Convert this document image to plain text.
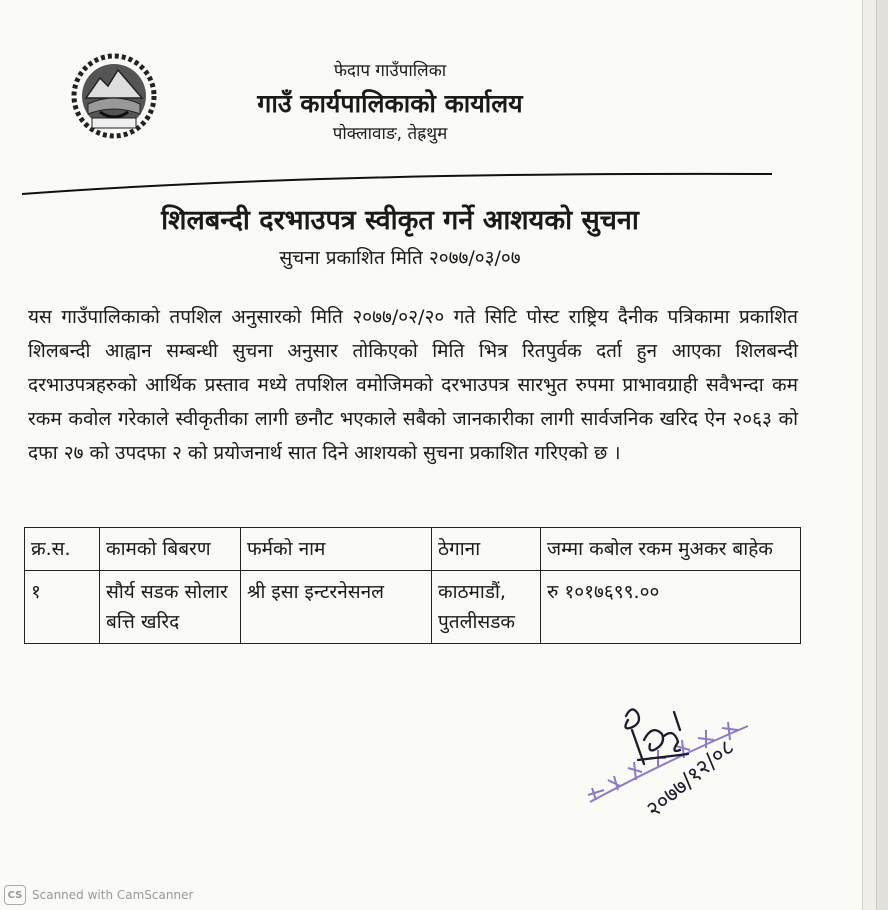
फेदाप गाउँपालिका
गाउँ कार्यपालिकाको कार्यालय
पोक्लावाङ, तेह्रथुम
शिलबन्दी दरभाउपत्र स्वीकृत गर्ने आशयको सुचना
सुचना प्रकाशित मिति २०७७/०३/०७
यस गाउँपालिकाको तपशिल अनुसारको मिति २०७७/०२/२० गते सिटि पोस्ट राष्ट्रिय दैनीक पत्रिकामा प्रकाशित शिलबन्दी आह्वान सम्बन्धी सुचना अनुसार तोकिएको मिति भित्र रितपुर्वक दर्ता हुन आएका शिलबन्दी दरभाउपत्रहरुको आर्थिक प्रस्ताव मध्ये तपशिल वमोजिमको दरभाउपत्र सारभुत रुपमा प्राभावग्राही सवैभन्दा कम रकम कवोल गरेकाले स्वीकृतीका लागी छनौट भएकाले सबैको जानकारीका लागी सार्वजनिक खरिद ऐन २०६३ को दफा २७ को उपदफा २ को प्रयोजनार्थ सात दिने आशयको सुचना प्रकाशित गरिएको छ ।
क्र.स.	कामको बिबरण	फर्मको नाम	ठेगाना	जम्मा कबोल रकम मुअकर बाहेक
१	सौर्य सडक सोलार बत्ति खरिद	श्री इसा इन्टरनेसनल	काठमाडौं, पुतलीसडक	रु १०१७६९९.००
२०७७/१२/०८
CS Scanned with CamScanner
